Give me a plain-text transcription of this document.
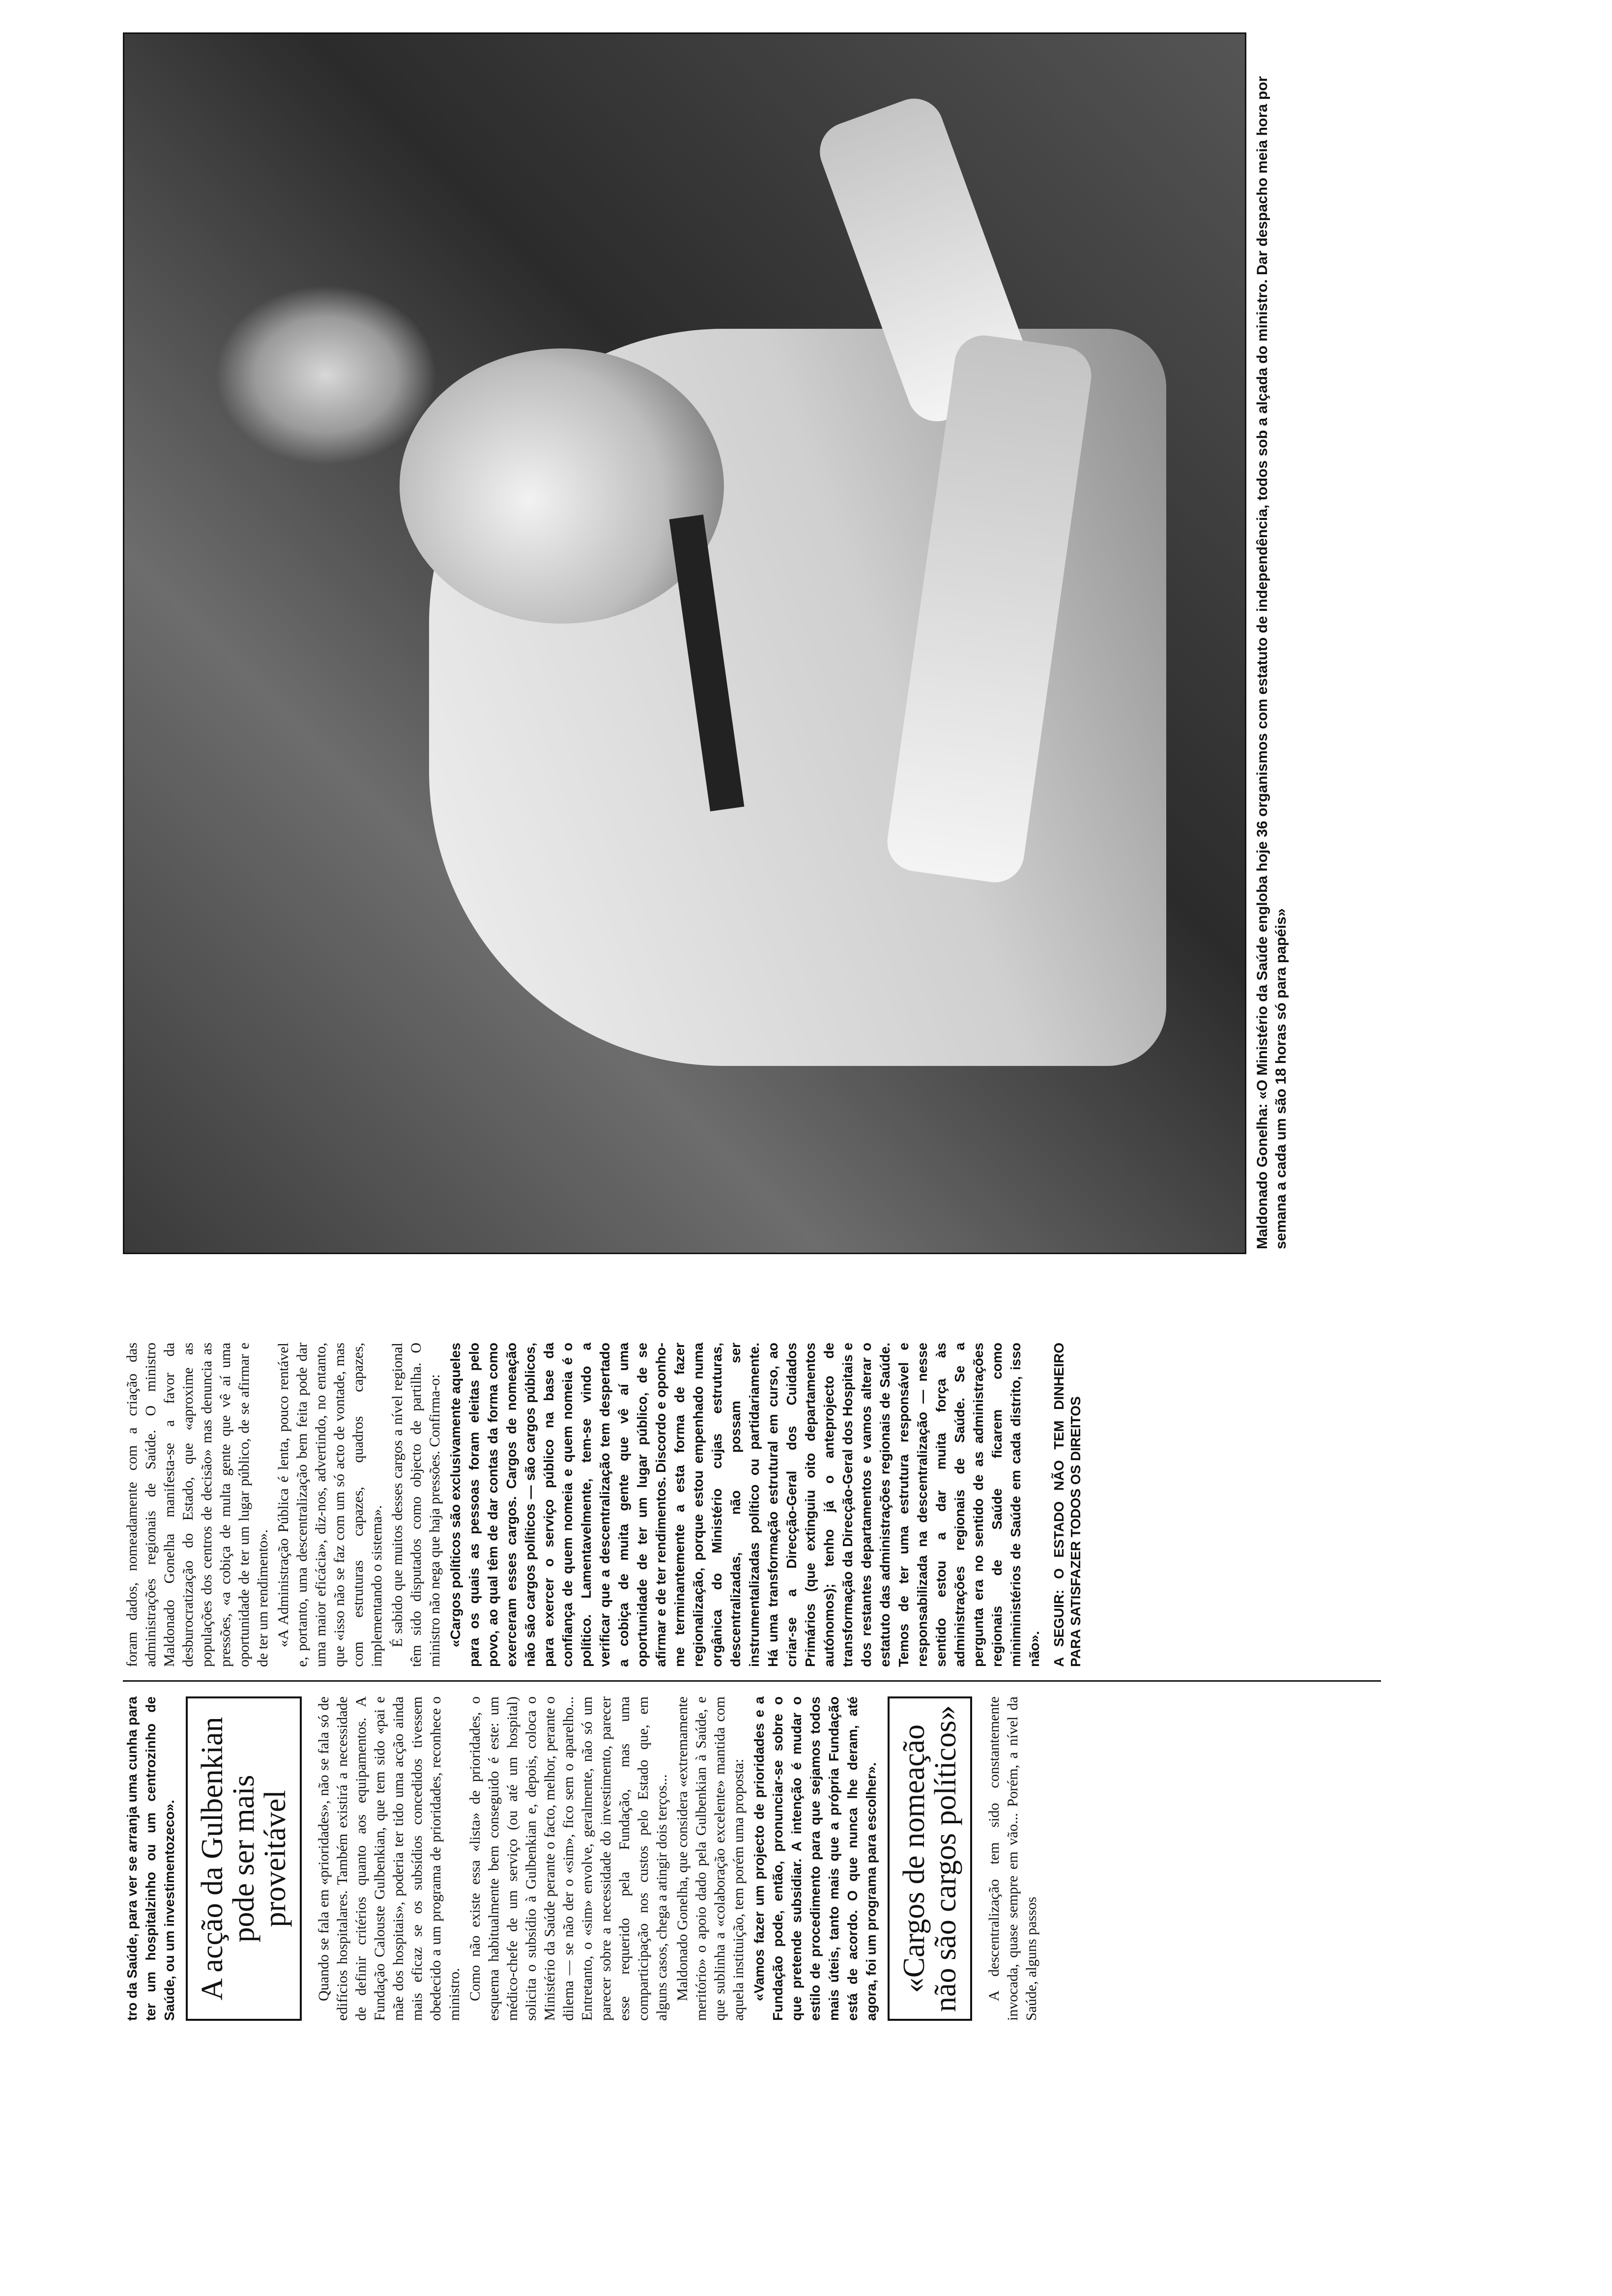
tro da Saúde, para ver se arranja uma cunha para ter um hospitalzinho ou um centrozinho de Saúde, ou um investimentozeco». A acção da Gulbenkian pode ser mais proveitável	Quando se fala em «prioridades», não se fala só de edifícios hospitalares. Também existirá a necessidade de definir critérios quanto aos equipamentos. A Fundação Calouste Gulbenkian, que tem sido «pai e mãe dos hospitais», poderia ter tido uma acção ainda mais eficaz se os subsídios concedidos tivessem obedecido a um programa de prioridades, reconhece o ministro. Como não existe essa «lista» de prioridades, o esquema habitualmente bem conseguido é este: um médico-chefe de um serviço (ou até um hospital) solicita o subsídio à Gulbenkian e, depois, coloca o Ministério da Saúde perante o facto, melhor, perante o dilema — se não der o «sim», fico sem o aparelho... Entretanto, o «sim» envolve, geralmente, não só um parecer sobre a necessidade do investimento, parecer esse requerido pela Fundação, mas uma comparticipação nos custos pelo Estado que, em alguns casos, chega a atingir dois terços... Maldonado Gonelha, que considera «extremamente meritório» o apoio dado pela Gulbenkian à Saúde, e que sublinha a «colaboração excelente» mantida com aquela instituição, tem porém uma proposta: «Vamos fazer um projecto de prioridades e a Fundação pode, então, pronunciar-se sobre o que pretende subsidiar. A intenção é mudar o estilo de procedimento para que sejamos todos mais úteis, tanto mais que a própria Fundação está de acordo. O que nunca lhe deram, até agora, foi um programa para escolher». «Cargos de nomeação não são cargos políticos»	A descentralização tem sido constantemente invocada, quase sempre em vão... Porém, a nível da Saúde, alguns passos

foram dados, nomeadamente com a criação das administrações regionais de Saúde. O ministro Maldonado Gonelha manifesta-se a favor da desburocratização do Estado, que «aproxime as populações dos centros de decisão» mas denuncia as pressões, «a cobiça de multa gente que vê aí uma oportunidade de ter um lugar público, de se afirmar e de ter um rendimento». «A Administração Pública é lenta, pouco rentável e, portanto, uma descentralização bem feita pode dar uma maior eficácia», diz-nos, advertindo, no entanto, que «isso não se faz com um só acto de vontade, mas com estruturas capazes, quadros capazes, implementando o sistema». É sabido que muitos desses cargos a nível regional têm sido disputados como objecto de partilha. O ministro não nega que haja pressões. Confirma-o: «Cargos políticos são exclusivamente aqueles para os quais as pessoas foram eleitas pelo povo, ao qual têm de dar contas da forma como exerceram esses cargos. Cargos de nomeação não são cargos políticos — são cargos públicos, para exercer o serviço público na base da confiança de quem nomeia e quem nomeia é o político. Lamentavelmente, tem-se vindo a verificar que a descentralização tem despertado a cobiça de muita gente que vê aí uma oportunidade de ter um lugar público, de se afirmar e de ter rendimentos. Discordo e oponho-me terminantemente a esta forma de fazer regionalização, porque estou empenhado numa orgânica do Ministério cujas estruturas, descentralizadas, não possam ser instrumentalizadas político ou partidariamente. Há uma transformação estrutural em curso, ao criar-se a Direcção-Geral dos Cuidados Primários (que extinguiu oito departamentos autónomos); tenho já o anteprojecto de transformação da Direcção-Geral dos Hospitais e dos restantes departamentos e vamos alterar o estatuto das administrações regionais de Saúde. Temos de ter uma estrutura responsável e responsabilizada na descentralização — nesse sentido estou a dar muita força às administrações regionais de Saúde. Se a pergunta era no sentido de as administrações regionais de Saúde ficarem como miniministérios de Saúde em cada distrito, isso não». A SEGUIR: O ESTADO NÃO TEM DINHEIRO PARA SATISFAZER TODOS OS DIREITOS
Maldonado Gonelha: «O Ministério da Saúde engloba hoje 36 organismos com estatuto de independência, todos sob a alçada do ministro. Dar despacho meia hora por semana a cada um são 18 horas só para papéis»
